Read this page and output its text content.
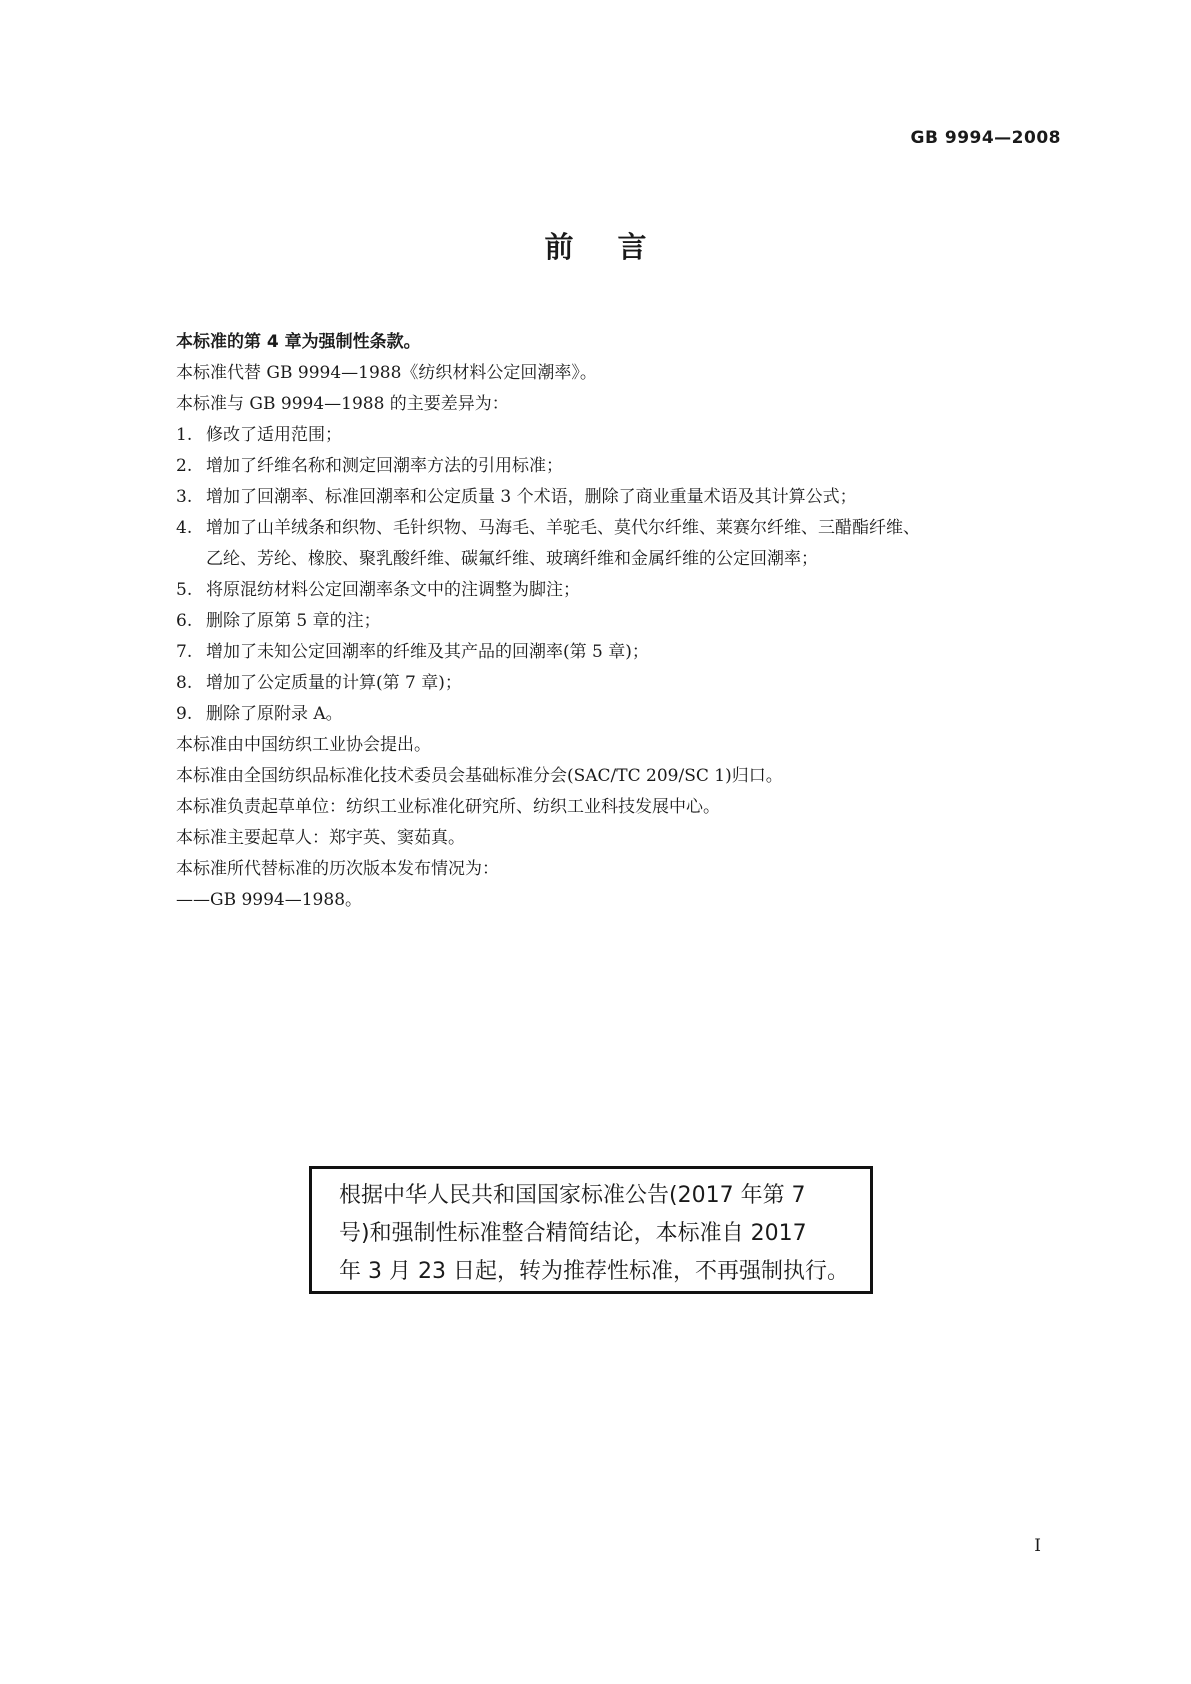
GB 9994—2008
前言
本标准的第 4 章为强制性条款。
本标准代替 GB 9994—1988《纺织材料公定回潮率》。
本标准与 GB 9994—1988 的主要差异为：
1. 修改了适用范围；
2. 增加了纤维名称和测定回潮率方法的引用标准；
3. 增加了回潮率、标准回潮率和公定质量 3 个术语，删除了商业重量术语及其计算公式；
4. 增加了山羊绒条和织物、毛针织物、马海毛、羊驼毛、莫代尔纤维、莱赛尔纤维、三醋酯纤维、
乙纶、芳纶、橡胶、聚乳酸纤维、碳氟纤维、玻璃纤维和金属纤维的公定回潮率；
5. 将原混纺材料公定回潮率条文中的注调整为脚注；
6. 删除了原第 5 章的注；
7. 增加了未知公定回潮率的纤维及其产品的回潮率(第 5 章)；
8. 增加了公定质量的计算(第 7 章)；
9. 删除了原附录 A。
本标准由中国纺织工业协会提出。
本标准由全国纺织品标准化技术委员会基础标准分会(SAC/TC 209/SC 1)归口。
本标准负责起草单位：纺织工业标准化研究所、纺织工业科技发展中心。
本标准主要起草人：郑宇英、窦茹真。
本标准所代替标准的历次版本发布情况为：
——GB 9994—1988。
根据中华人民共和国国家标准公告(2017 年第 7
号)和强制性标准整合精简结论，本标准自 2017
年 3 月 23 日起，转为推荐性标准，不再强制执行。
I
